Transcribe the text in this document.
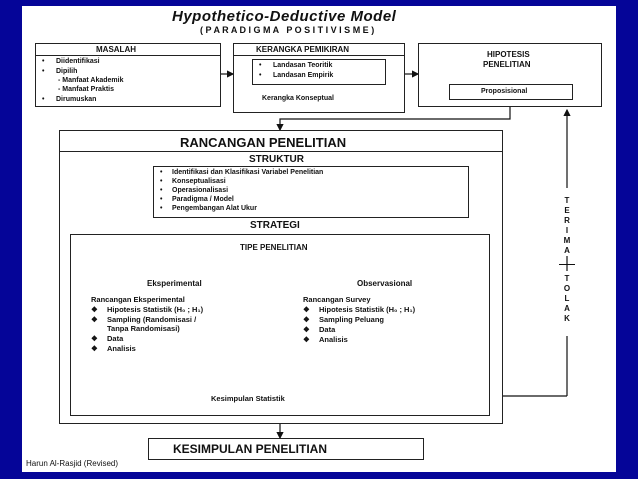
Hypothetico-Deductive Model
( P A R A D I G M A   P O S I T I V I S M E )
MASALAH
• Diidentifikasi
• Dipilih
- Manfaat Akademik
- Manfaat Praktis
• Dirumuskan
KERANGKA PEMIKIRAN
• Landasan Teoritik
• Landasan Empirik
Kerangka Konseptual
HIPOTESIS
PENELITIAN
Proposisional
RANCANGAN PENELITIAN
STRUKTUR
• Identifikasi dan Klasifikasi Variabel Penelitian
• Konseptualisasi
• Operasionalisasi
• Paradigma / Model
• Pengembangan Alat Ukur
STRATEGI
TIPE PENELITIAN
Eksperimental	Observasional
Rancangan Eksperimental
❖ Hipotesis Statistik (H₀ ; H₁)
❖ Sampling (Randomisasi /
Tanpa Randomisasi)
❖ Data
❖ Analisis
Rancangan Survey
❖ Hipotesis Statistik (H₀ ; H₁)
❖ Sampling Peluang
❖ Data
❖ Analisis
Kesimpulan Statistik
T
E
R
I
M
A
T
O
L
A
K
KESIMPULAN PENELITIAN
Harun Al-Rasjid (Revised)
